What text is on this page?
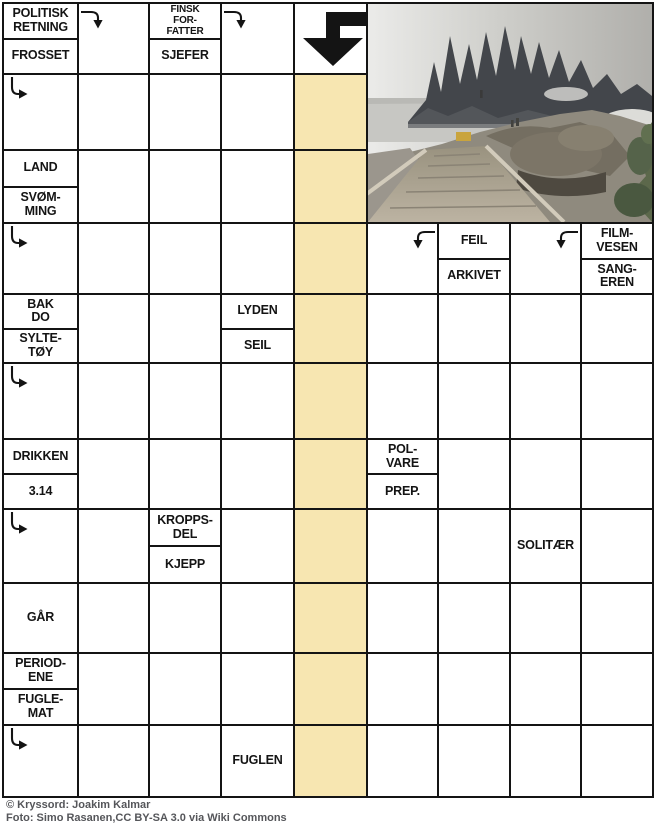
POLITISK
RETNING
FROSSET
FINSK
FOR-
FATTER
SJEFER
LAND
SVØM-
MING
FEIL
ARKIVET
FILM-
VESEN
SANG-
EREN
BAK
DO
SYLTE-
TØY
LYDEN
SEIL
DRIKKEN
3.14
POL-
VARE
PREP.
KROPPS-
DEL
KJEPP
SOLITÆR
GÅR
PERIOD-
ENE
FUGLE-
MAT
FUGLEN
© Kryssord: Joakim Kalmar
Foto: Simo Rasanen,CC BY-SA 3.0 via Wiki Commons
